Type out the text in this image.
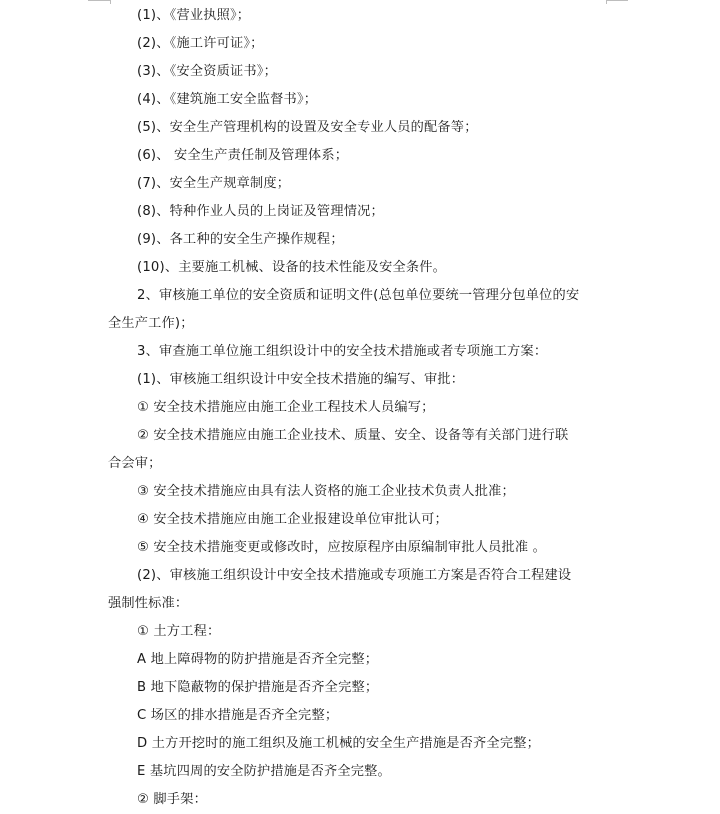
(1)、《营业执照》；
(2)、《施工许可证》；
(3)、《安全资质证书》；
(4)、《建筑施工安全监督书》；
(5)、安全生产管理机构的设置及安全专业人员的配备等；
(6)、 安全生产责任制及管理体系；
(7)、安全生产规章制度；
(8)、特种作业人员的上岗证及管理情况；
(9)、各工种的安全生产操作规程；
(10)、主要施工机械、设备的技术性能及安全条件。
2、审核施工单位的安全资质和证明文件(总包单位要统一管理分包单位的安
全生产工作)；
3、审查施工单位施工组织设计中的安全技术措施或者专项施工方案：
(1)、审核施工组织设计中安全技术措施的编写、审批：
① 安全技术措施应由施工企业工程技术人员编写；
② 安全技术措施应由施工企业技术、质量、安全、设备等有关部门进行联
合会审；
③ 安全技术措施应由具有法人资格的施工企业技术负责人批准；
④ 安全技术措施应由施工企业报建设单位审批认可；
⑤ 安全技术措施变更或修改时，应按原程序由原编制审批人员批准 。
(2)、审核施工组织设计中安全技术措施或专项施工方案是否符合工程建设
强制性标准：
① 土方工程：
A 地上障碍物的防护措施是否齐全完整；
B 地下隐蔽物的保护措施是否齐全完整；
C 场区的排水措施是否齐全完整；
D 土方开挖时的施工组织及施工机械的安全生产措施是否齐全完整；
E 基坑四周的安全防护措施是否齐全完整。
② 脚手架：
